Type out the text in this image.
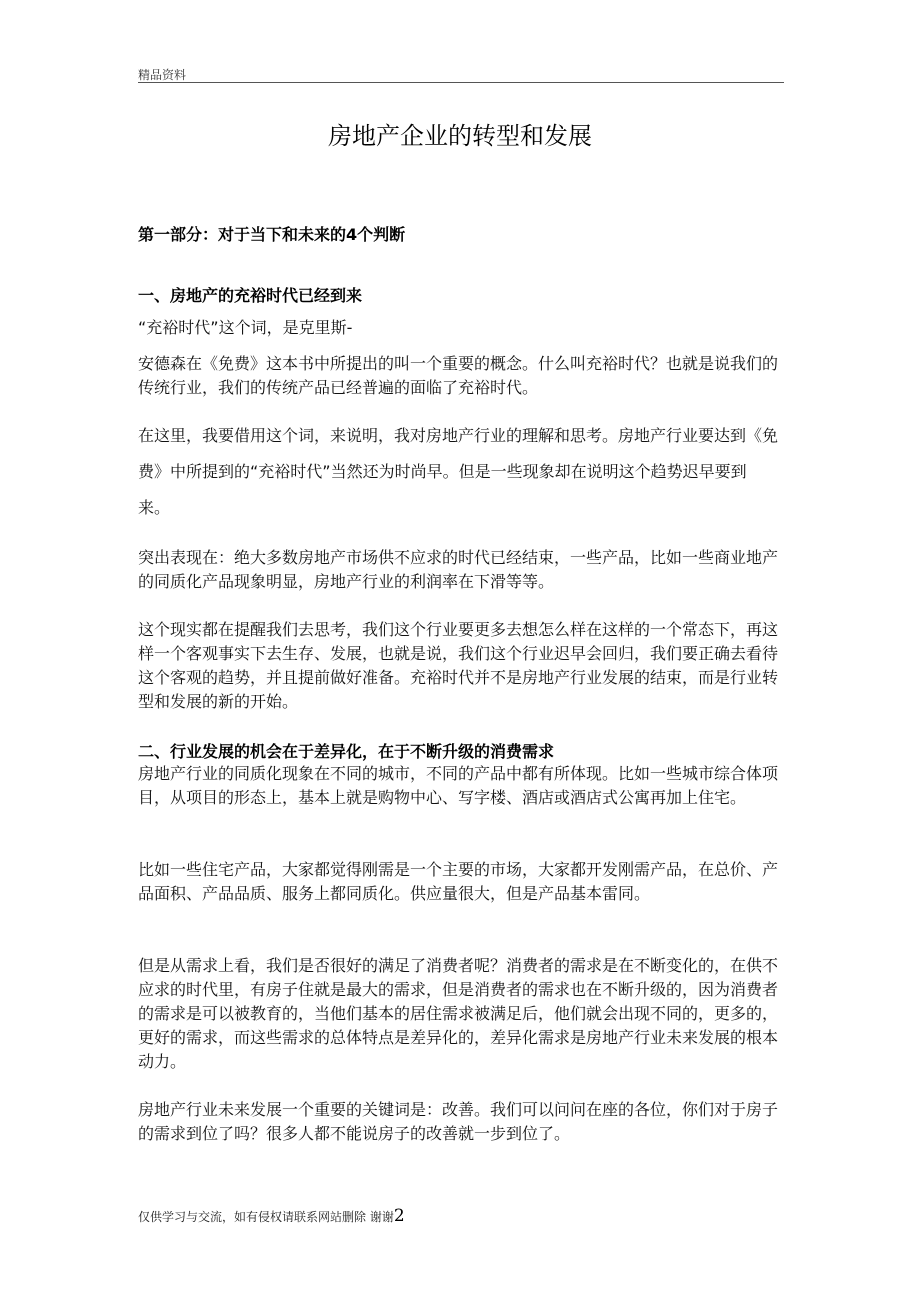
精品资料
房地产企业的转型和发展
第一部分：对于当下和未来的4个判断
一、房地产的充裕时代已经到来
“充裕时代”这个词，是克里斯-
安德森在《免费》这本书中所提出的叫一个重要的概念。什么叫充裕时代？也就是说我们的传统行业，我们的传统产品已经普遍的面临了充裕时代。
在这里，我要借用这个词，来说明，我对房地产行业的理解和思考。房地产行业要达到《免费》中所提到的“充裕时代”当然还为时尚早。但是一些现象却在说明这个趋势迟早要到来。
突出表现在：绝大多数房地产市场供不应求的时代已经结束，一些产品，比如一些商业地产的同质化产品现象明显，房地产行业的利润率在下滑等等。
这个现实都在提醒我们去思考，我们这个行业要更多去想怎么样在这样的一个常态下，再这样一个客观事实下去生存、发展，也就是说，我们这个行业迟早会回归，我们要正确去看待这个客观的趋势，并且提前做好准备。充裕时代并不是房地产行业发展的结束，而是行业转型和发展的新的开始。
二、行业发展的机会在于差异化，在于不断升级的消费需求
房地产行业的同质化现象在不同的城市，不同的产品中都有所体现。比如一些城市综合体项目，从项目的形态上，基本上就是购物中心、写字楼、酒店或酒店式公寓再加上住宅。
比如一些住宅产品，大家都觉得刚需是一个主要的市场，大家都开发刚需产品，在总价、产品面积、产品品质、服务上都同质化。供应量很大，但是产品基本雷同。
但是从需求上看，我们是否很好的满足了消费者呢？消费者的需求是在不断变化的，在供不应求的时代里，有房子住就是最大的需求，但是消费者的需求也在不断升级的，因为消费者的需求是可以被教育的，当他们基本的居住需求被满足后，他们就会出现不同的，更多的，更好的需求，而这些需求的总体特点是差异化的，差异化需求是房地产行业未来发展的根本动力。
房地产行业未来发展一个重要的关键词是：改善。我们可以问问在座的各位，你们对于房子的需求到位了吗？很多人都不能说房子的改善就一步到位了。
仅供学习与交流，如有侵权请联系网站删除 谢谢2
